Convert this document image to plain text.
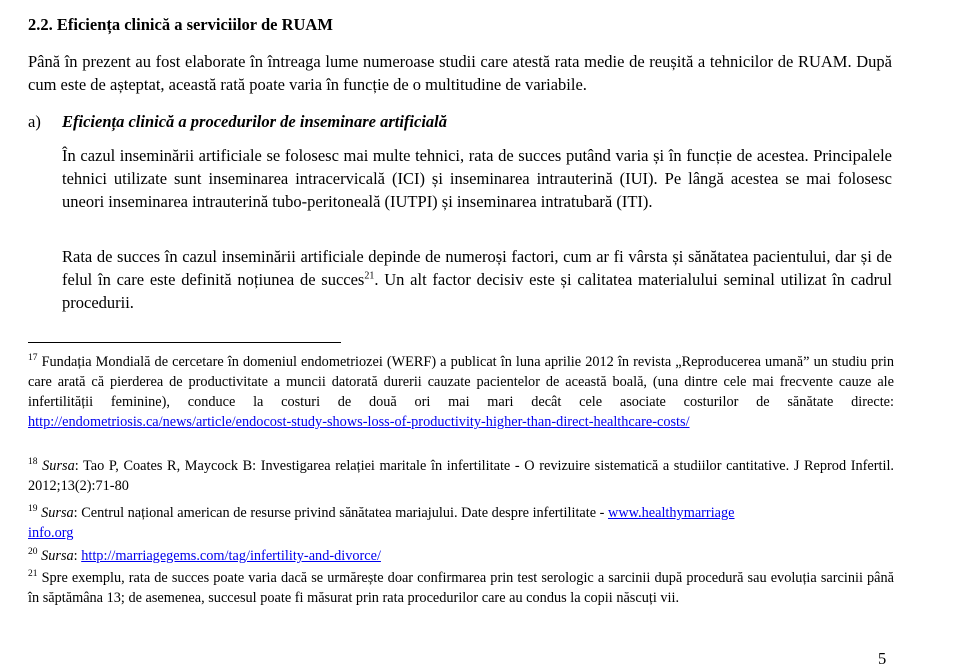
2.2. Eficiența clinică a serviciilor de RUAM

Până în prezent au fost elaborate în întreaga lume numeroase studii care atestă rata medie de reușită a tehnicilor de RUAM. După cum este de așteptat, această rată poate varia în funcție de o multitudine de variabile.

a) Eficiența clinică a procedurilor de inseminare artificială

În cazul inseminării artificiale se folosesc mai multe tehnici, rata de succes putând varia și în funcție de acestea. Principalele tehnici utilizate sunt inseminarea intracervicală (ICI) și inseminarea intrauterină (IUI). Pe lângă acestea se mai folosesc uneori inseminarea intrauterină tubo-peritoneală (IUTPI) și inseminarea intratubară (ITI).

Rata de succes în cazul inseminării artificiale depinde de numeroși factori, cum ar fi vârsta și sănătatea pacientului, dar și de felul în care este definită noțiunea de succes$^{21}$. Un alt factor decisiv este și calitatea materialului seminal utilizat în cadrul procedurii.

$^{17}$ Fundația Mondială de cercetare în domeniul endometriozei (WERF) a publicat în luna aprilie 2012 în revista „Reproducerea umană” un studiu prin care arată că pierderea de productivitate a muncii datorată durerii cauzate pacientelor de această boală, (una dintre cele mai frecvente cauze ale infertilității feminine), conduce la costuri de două ori mai mari decât cele asociate costurilor de sănătate directe: http://endometriosis.ca/news/article/endocost-study-shows-loss-of-productivity-higher-than-direct-healthcare-costs/

$^{18}$ Sursa: Tao P, Coates R, Maycock B: Investigarea relației maritale în infertilitate - O revizuire sistematică a studiilor cantitative. J Reprod Infertil. 2012;13(2):71-80

$^{19}$ Sursa: Centrul național american de resurse privind sănătatea mariajului. Date despre infertilitate - www.healthymarriage
info.org

$^{20}$ Sursa: http://marriagegems.com/tag/infertility-and-divorce/

$^{21}$ Spre exemplu, rata de succes poate varia dacă se urmărește doar confirmarea prin test serologic a sarcinii după procedură sau evoluția sarcinii până în săptămâna 13; de asemenea, succesul poate fi măsurat prin rata procedurilor care au condus la copii născuți vii.

5
